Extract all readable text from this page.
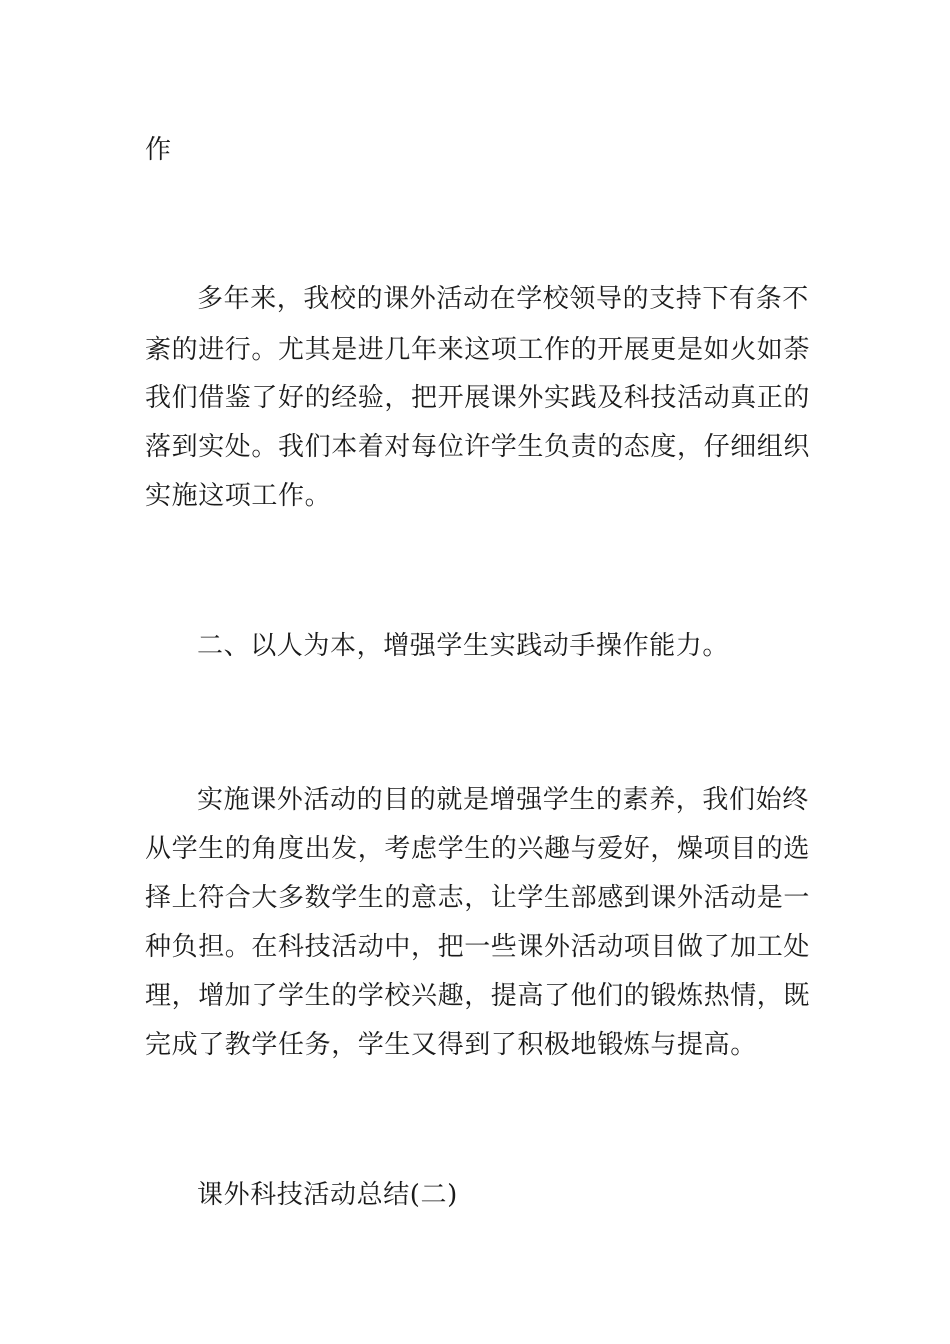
作
多年来，我校的课外活动在学校领导的支持下有条不
紊的进行。尤其是进几年来这项工作的开展更是如火如荼
我们借鉴了好的经验，把开展课外实践及科技活动真正的
落到实处。我们本着对每位许学生负责的态度，仔细组织
实施这项工作。
二、以人为本，增强学生实践动手操作能力。
实施课外活动的目的就是增强学生的素养，我们始终
从学生的角度出发，考虑学生的兴趣与爱好，燥项目的选
择上符合大多数学生的意志，让学生部感到课外活动是一
种负担。在科技活动中，把一些课外活动项目做了加工处
理，增加了学生的学校兴趣，提高了他们的锻炼热情，既
完成了教学任务，学生又得到了积极地锻炼与提高。
课外科技活动总结(二)
